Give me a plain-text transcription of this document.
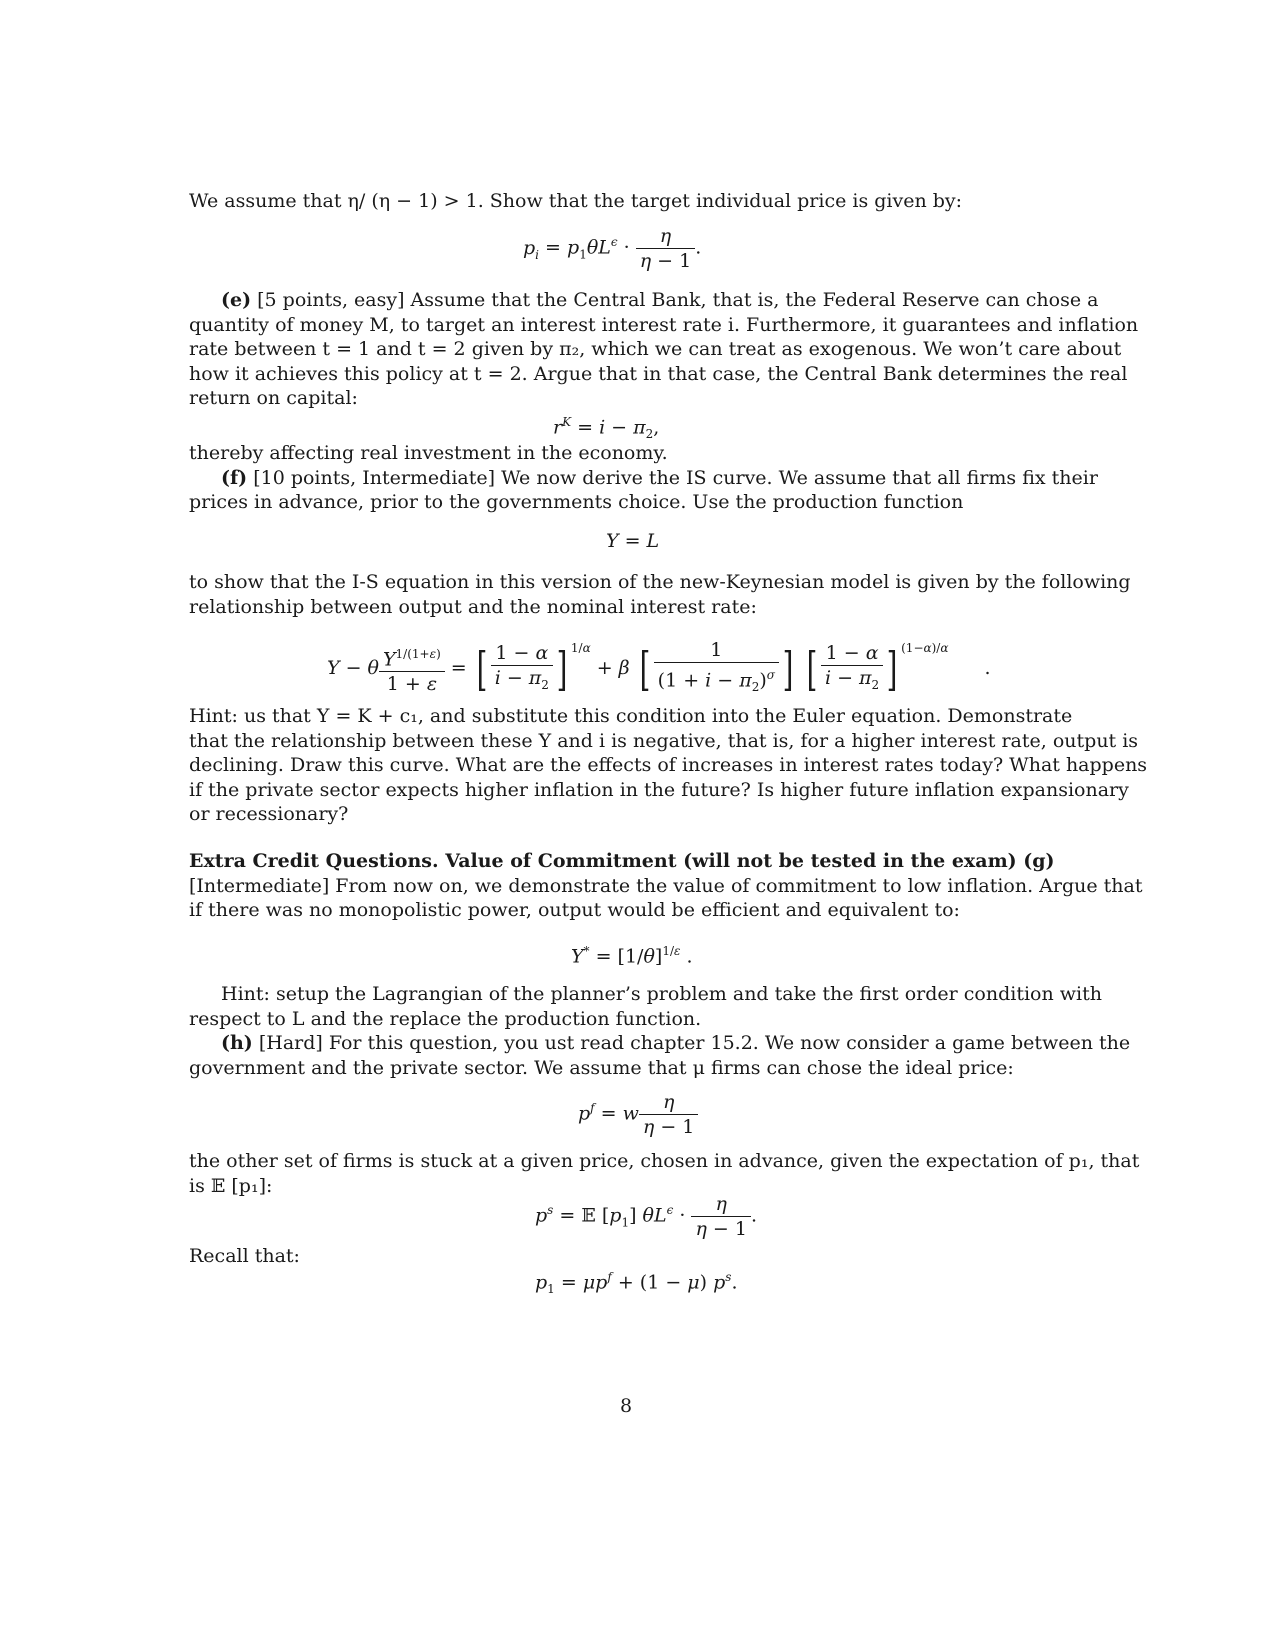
We assume that η/ (η − 1) > 1. Show that the target individual price is given by:
$p_i = p_1\theta L^\epsilon \cdot \frac{\eta}{\eta - 1}$ .
(e) [5 points, easy] Assume that the Central Bank, that is, the Federal Reserve can chose a
quantity of money M, to target an interest interest rate i. Furthermore, it guarantees and inflation
rate between t = 1 and t = 2 given by π₂, which we can treat as exogenous. We won’t care about
how it achieves this policy at t = 2. Argue that in that case, the Central Bank determines the real
return on capital:
$r^K = i - \pi_2$,
thereby affecting real investment in the economy.
(f) [10 points, Intermediate] We now derive the IS curve. We assume that all firms fix their
prices in advance, prior to the governments choice. Use the production function
Y = L
to show that the I-S equation in this version of the new-Keynesian model is given by the following
relationship between output and the nominal interest rate:
Y − θ $\frac{Y^{1/(1+\varepsilon)}}{1 + \varepsilon}$ = [ $\frac{1 - \alpha}{i - \pi_2}$ ] $^{1/\alpha}$ + β [ $\frac{1}{(1 + i - \pi_2)^\sigma}$ ] [ $\frac{1 - \alpha}{i - \pi_2}$ ] $^{(1-\alpha)/\alpha}$ .
Hint: us that Y = K + c₁, and substitute this condition into the Euler equation. Demonstrate
that the relationship between these Y and i is negative, that is, for a higher interest rate, output is
declining. Draw this curve. What are the effects of increases in interest rates today? What happens
if the private sector expects higher inflation in the future? Is higher future inflation expansionary
or recessionary?
Extra Credit Questions. Value of Commitment (will not be tested in the exam) (g)
[Intermediate] From now on, we demonstrate the value of commitment to low inflation. Argue that
if there was no monopolistic power, output would be efficient and equivalent to:
$Y^* = [1/\theta]^{1/\varepsilon}$ .
Hint: setup the Lagrangian of the planner’s problem and take the first order condition with
respect to L and the replace the production function.
(h) [Hard] For this question, you ust read chapter 15.2. We now consider a game between the
government and the private sector. We assume that μ firms can chose the ideal price:
$p^f = w \frac{\eta}{\eta - 1}$
the other set of firms is stuck at a given price, chosen in advance, given the expectation of p₁, that
is 𝔼 [p₁]:
$p^s$ = 𝔼 $[p_1] \theta L^\epsilon \cdot \frac{\eta}{\eta - 1}$ .
Recall that:
$p_1 = \mu p^f + (1 - \mu)$ $p^s$.
8
